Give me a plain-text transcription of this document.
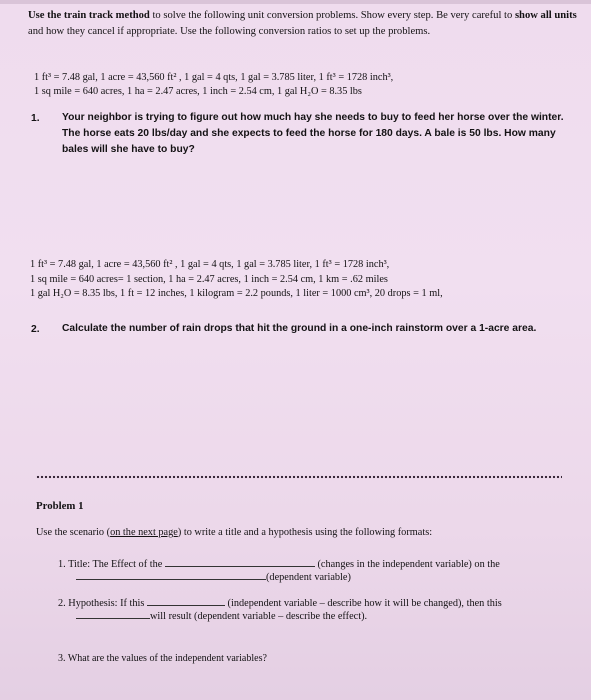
Use the train track method to solve the following unit conversion problems. Show every step. Be very careful to show all units and how they cancel if appropriate. Use the following conversion ratios to set up the problems.

1 ft³ = 7.48 gal, 1 acre = 43,560 ft² , 1 gal = 4 qts, 1 gal = 3.785 liter, 1 ft³ = 1728 inch³,
1 sq mile = 640 acres, 1 ha = 2.47 acres, 1 inch = 2.54 cm, 1 gal H₂O = 8.35 lbs
1. Your neighbor is trying to figure out how much hay she needs to buy to feed her horse over the winter. The horse eats 20 lbs/day and she expects to feed the horse for 180 days. A bale is 50 lbs. How many bales will she have to buy?

1 ft³ = 7.48 gal, 1 acre = 43,560 ft² , 1 gal = 4 qts, 1 gal = 3.785 liter, 1 ft³ = 1728 inch³,
1 sq mile = 640 acres= 1 section, 1 ha = 2.47 acres, 1 inch = 2.54 cm, 1 km = .62 miles
1 gal H₂O = 8.35 lbs, 1 ft = 12 inches, 1 kilogram = 2.2 pounds, 1 liter = 1000 cm³, 20 drops = 1 ml,
2. Calculate the number of rain drops that hit the ground in a one-inch rainstorm over a 1-acre area.

Problem 1
Use the scenario (on the next page) to write a title and a hypothesis using the following formats:
1. Title: The Effect of the	(changes in the independent variable) on the
(dependent variable)
2. Hypothesis: If this	(independent variable – describe how it will be changed), then this
will result (dependent variable – describe the effect).
3. What are the values of the independent variables?
